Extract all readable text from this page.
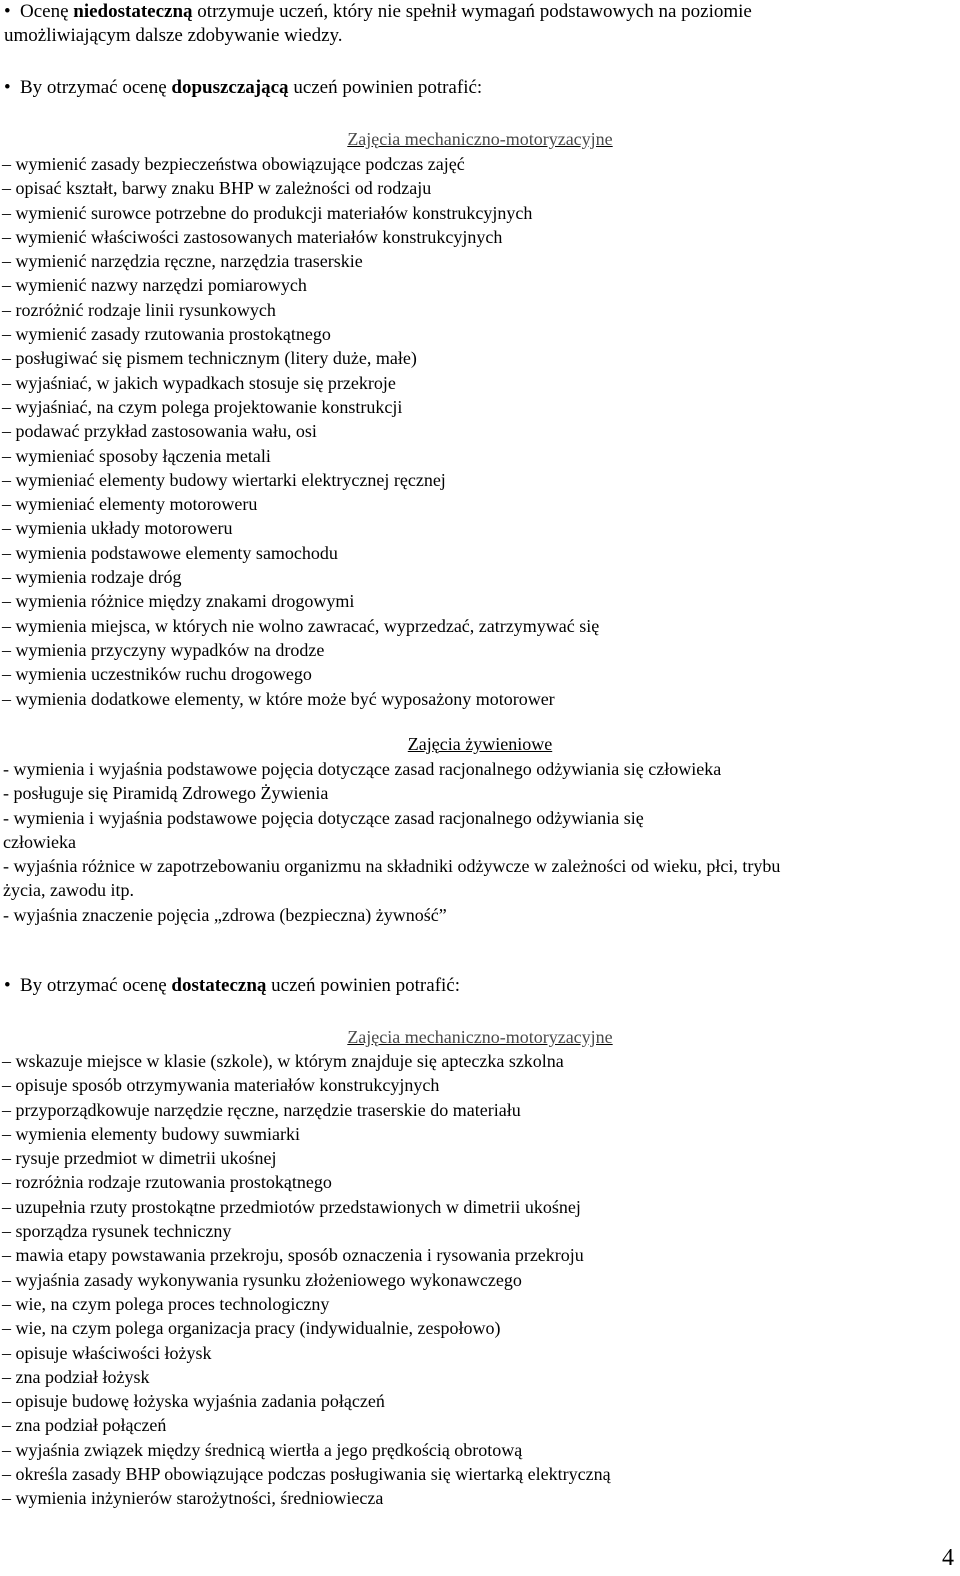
• Ocenę niedostateczną otrzymuje uczeń, który nie spełnił wymagań podstawowych na poziomie
umożliwiającym dalsze zdobywanie wiedzy.
• By otrzymać ocenę dopuszczającą uczeń powinien potrafić:
Zajęcia mechaniczno-motoryzacyjne
– wymienić zasady bezpieczeństwa obowiązujące podczas zajęć
– opisać kształt, barwy znaku BHP w zależności od rodzaju
– wymienić surowce potrzebne do produkcji materiałów konstrukcyjnych
– wymienić właściwości zastosowanych materiałów konstrukcyjnych
– wymienić narzędzia ręczne, narzędzia traserskie
– wymienić nazwy narzędzi pomiarowych
– rozróżnić rodzaje linii rysunkowych
– wymienić zasady rzutowania prostokątnego
– posługiwać się pismem technicznym (litery duże, małe)
– wyjaśniać, w jakich wypadkach stosuje się przekroje
– wyjaśniać, na czym polega projektowanie konstrukcji
– podawać przykład zastosowania wału, osi
– wymieniać sposoby łączenia metali
– wymieniać elementy budowy wiertarki elektrycznej ręcznej
– wymieniać elementy motoroweru
– wymienia układy motoroweru
– wymienia podstawowe elementy samochodu
– wymienia rodzaje dróg
– wymienia różnice między znakami drogowymi
– wymienia miejsca, w których nie wolno zawracać, wyprzedzać, zatrzymywać się
– wymienia przyczyny wypadków na drodze
– wymienia uczestników ruchu drogowego
– wymienia dodatkowe elementy, w które może być wyposażony motorower
Zajęcia żywieniowe
- wymienia i wyjaśnia podstawowe pojęcia dotyczące zasad racjonalnego odżywiania się człowieka
- posługuje się Piramidą Zdrowego Żywienia
- wymienia i wyjaśnia podstawowe pojęcia dotyczące zasad racjonalnego odżywiania się
człowieka
- wyjaśnia różnice w zapotrzebowaniu organizmu na składniki odżywcze w zależności od wieku, płci, trybu
życia, zawodu itp.
- wyjaśnia znaczenie pojęcia „zdrowa (bezpieczna) żywność”
• By otrzymać ocenę dostateczną uczeń powinien potrafić:
Zajęcia mechaniczno-motoryzacyjne
– wskazuje miejsce w klasie (szkole), w którym znajduje się apteczka szkolna
– opisuje sposób otrzymywania materiałów konstrukcyjnych
– przyporządkowuje narzędzie ręczne, narzędzie traserskie do materiału
– wymienia elementy budowy suwmiarki
– rysuje przedmiot w dimetrii ukośnej
– rozróżnia rodzaje rzutowania prostokątnego
– uzupełnia rzuty prostokątne przedmiotów przedstawionych w dimetrii ukośnej
– sporządza rysunek techniczny
– mawia etapy powstawania przekroju, sposób oznaczenia i rysowania przekroju
– wyjaśnia zasady wykonywania rysunku złożeniowego wykonawczego
– wie, na czym polega proces technologiczny
– wie, na czym polega organizacja pracy (indywidualnie, zespołowo)
– opisuje właściwości łożysk
– zna podział łożysk
– opisuje budowę łożyska wyjaśnia zadania połączeń
– zna podział połączeń
– wyjaśnia związek między średnicą wiertła a jego prędkością obrotową
– określa zasady BHP obowiązujące podczas posługiwania się wiertarką elektryczną
– wymienia inżynierów starożytności, średniowiecza
4
